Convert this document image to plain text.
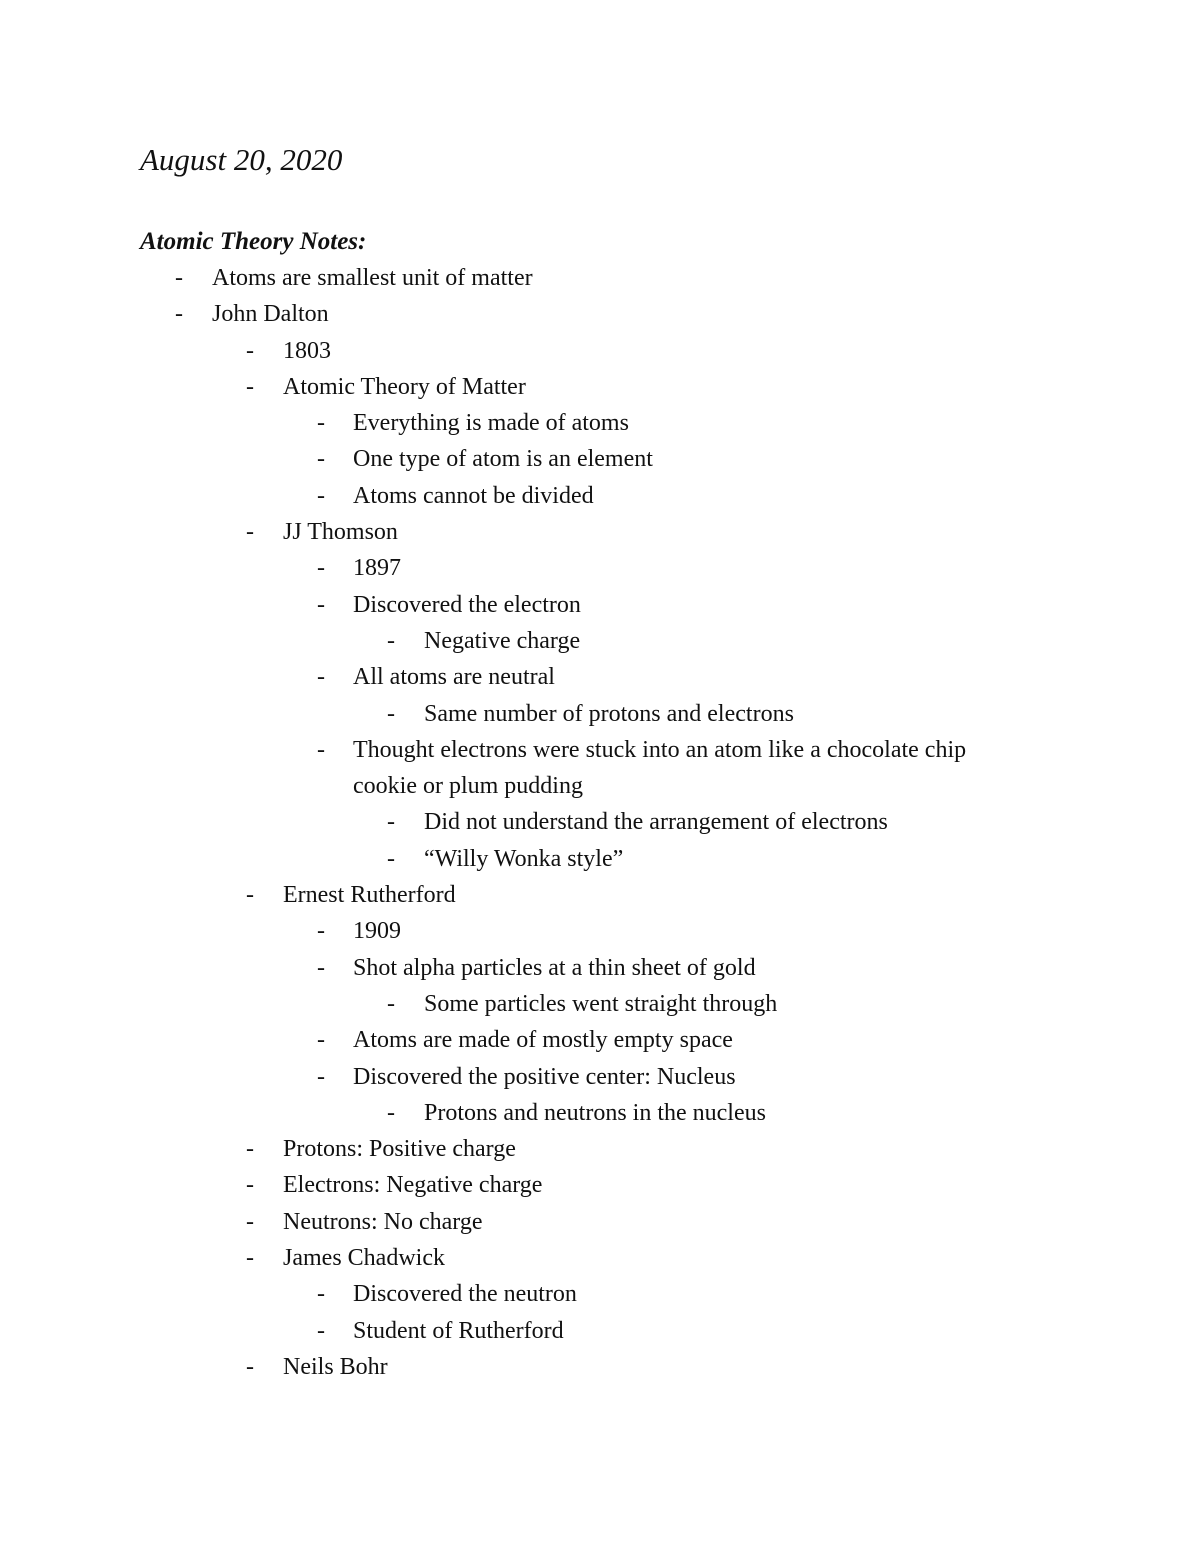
August 20, 2020
Atomic Theory Notes:
-	Atoms are smallest unit of matter
-	John Dalton
-	1803
-	Atomic Theory of Matter
-	Everything is made of atoms
-	One type of atom is an element
-	Atoms cannot be divided
-	JJ Thomson
-	1897
-	Discovered the electron
-	Negative charge
-	All atoms are neutral
-	Same number of protons and electrons
-	Thought electrons were stuck into an atom like a chocolate chip
cookie or plum pudding
-	Did not understand the arrangement of electrons
-	“Willy Wonka style”
-	Ernest Rutherford
-	1909
-	Shot alpha particles at a thin sheet of gold
-	Some particles went straight through
-	Atoms are made of mostly empty space
-	Discovered the positive center: Nucleus
-	Protons and neutrons in the nucleus
-	Protons: Positive charge
-	Electrons: Negative charge
-	Neutrons: No charge
-	James Chadwick
-	Discovered the neutron
-	Student of Rutherford
-	Neils Bohr
